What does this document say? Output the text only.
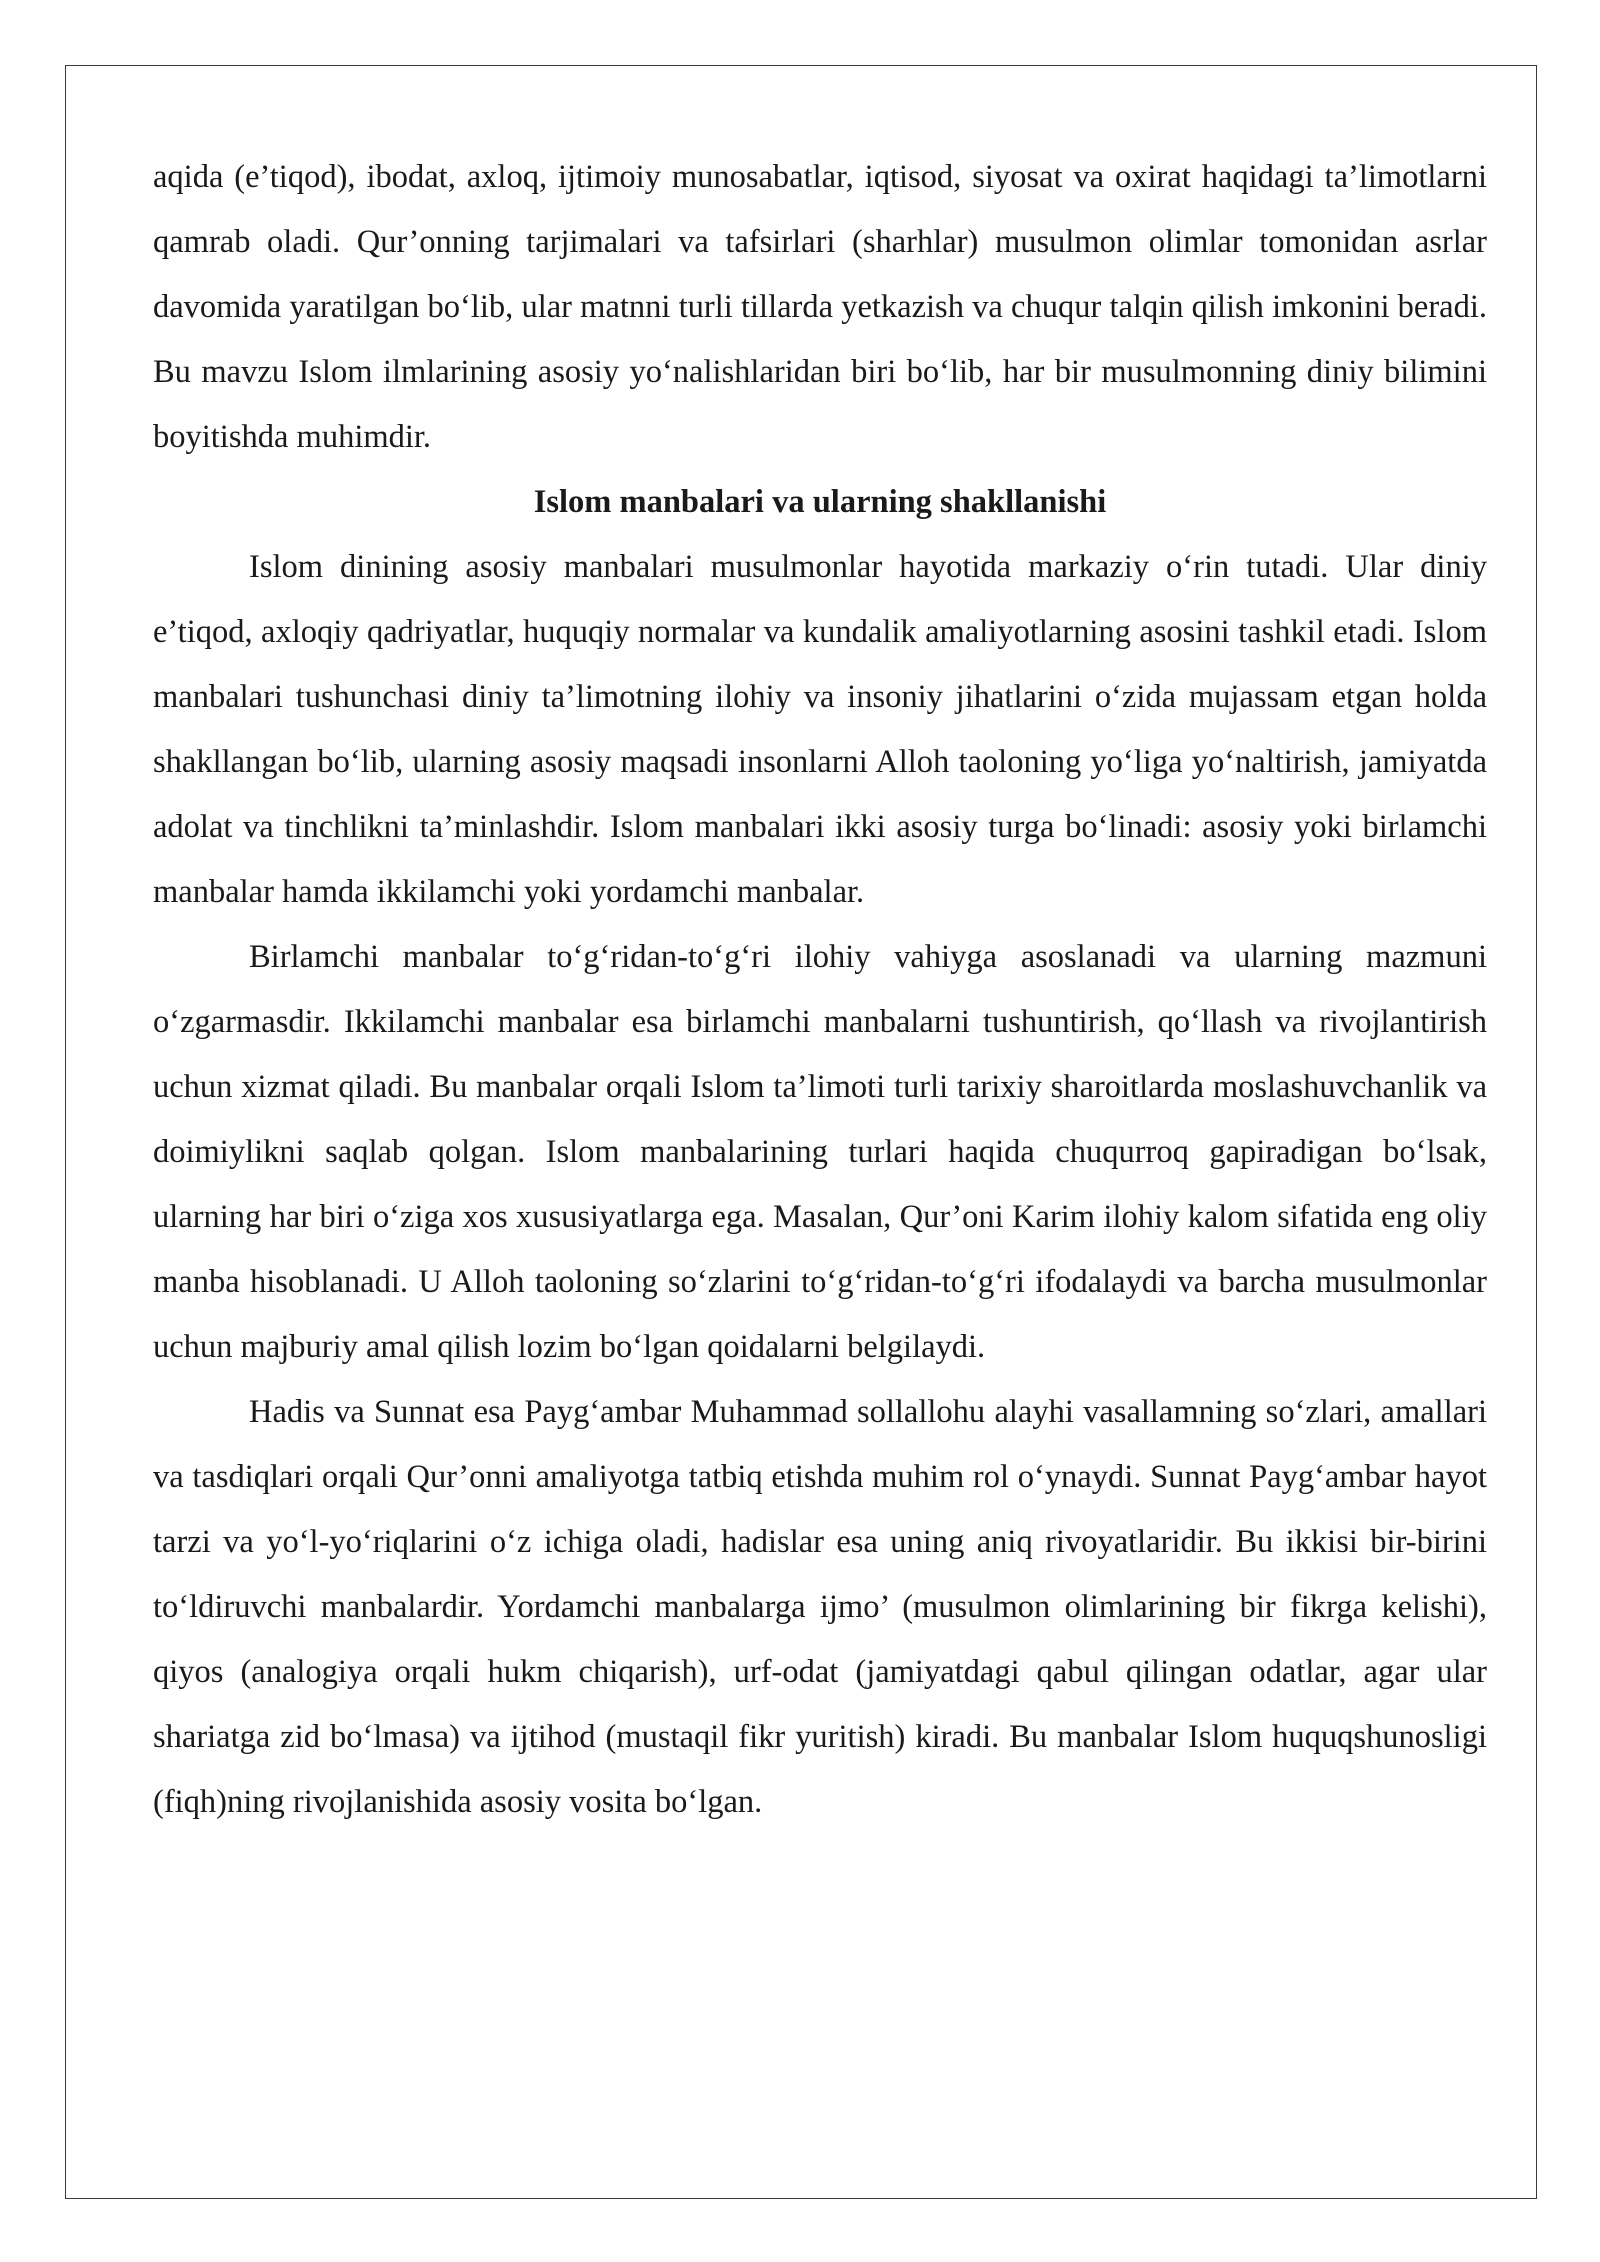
aqida (e’tiqod), ibodat, axloq, ijtimoiy munosabatlar, iqtisod, siyosat va oxirat haqidagi ta’limotlarni qamrab oladi. Qur’onning tarjimalari va tafsirlari (sharhlar) musulmon olimlar tomonidan asrlar davomida yaratilgan bo‘lib, ular matnni turli tillarda yetkazish va chuqur talqin qilish imkonini beradi. Bu mavzu Islom ilmlarining asosiy yo‘nalishlaridan biri bo‘lib, har bir musulmonning diniy bilimini boyitishda muhimdir.

Islom manbalari va ularning shakllanishi

Islom dinining asosiy manbalari musulmonlar hayotida markaziy o‘rin tutadi. Ular diniy e’tiqod, axloqiy qadriyatlar, huquqiy normalar va kundalik amaliyotlarning asosini tashkil etadi. Islom manbalari tushunchasi diniy ta’limotning ilohiy va insoniy jihatlarini o‘zida mujassam etgan holda shakllangan bo‘lib, ularning asosiy maqsadi insonlarni Alloh taoloning yo‘liga yo‘naltirish, jamiyatda adolat va tinchlikni ta’minlashdir. Islom manbalari ikki asosiy turga bo‘linadi: asosiy yoki birlamchi manbalar hamda ikkilamchi yoki yordamchi manbalar.

Birlamchi manbalar to‘g‘ridan-to‘g‘ri ilohiy vahiyga asoslanadi va ularning mazmuni o‘zgarmasdir. Ikkilamchi manbalar esa birlamchi manbalarni tushuntirish, qo‘llash va rivojlantirish uchun xizmat qiladi. Bu manbalar orqali Islom ta’limoti turli tarixiy sharoitlarda moslashuvchanlik va doimiylikni saqlab qolgan. Islom manbalarining turlari haqida chuqurroq gapiradigan bo‘lsak, ularning har biri o‘ziga xos xususiyatlarga ega. Masalan, Qur’oni Karim ilohiy kalom sifatida eng oliy manba hisoblanadi. U Alloh taoloning so‘zlarini to‘g‘ridan-to‘g‘ri ifodalaydi va barcha musulmonlar uchun majburiy amal qilish lozim bo‘lgan qoidalarni belgilaydi.

Hadis va Sunnat esa Payg‘ambar Muhammad sollallohu alayhi vasallamning so‘zlari, amallari va tasdiqlari orqali Qur’onni amaliyotga tatbiq etishda muhim rol o‘ynaydi. Sunnat Payg‘ambar hayot tarzi va yo‘l-yo‘riqlarini o‘z ichiga oladi, hadislar esa uning aniq rivoyatlaridir. Bu ikkisi bir-birini to‘ldiruvchi manbalardir. Yordamchi manbalarga ijmo’ (musulmon olimlarining bir fikrga kelishi), qiyos (analogiya orqali hukm chiqarish), urf-odat (jamiyatdagi qabul qilingan odatlar, agar ular shariatga zid bo‘lmasa) va ijtihod (mustaqil fikr yuritish) kiradi. Bu manbalar Islom huquqshunosligi (fiqh)ning rivojlanishida asosiy vosita bo‘lgan.
